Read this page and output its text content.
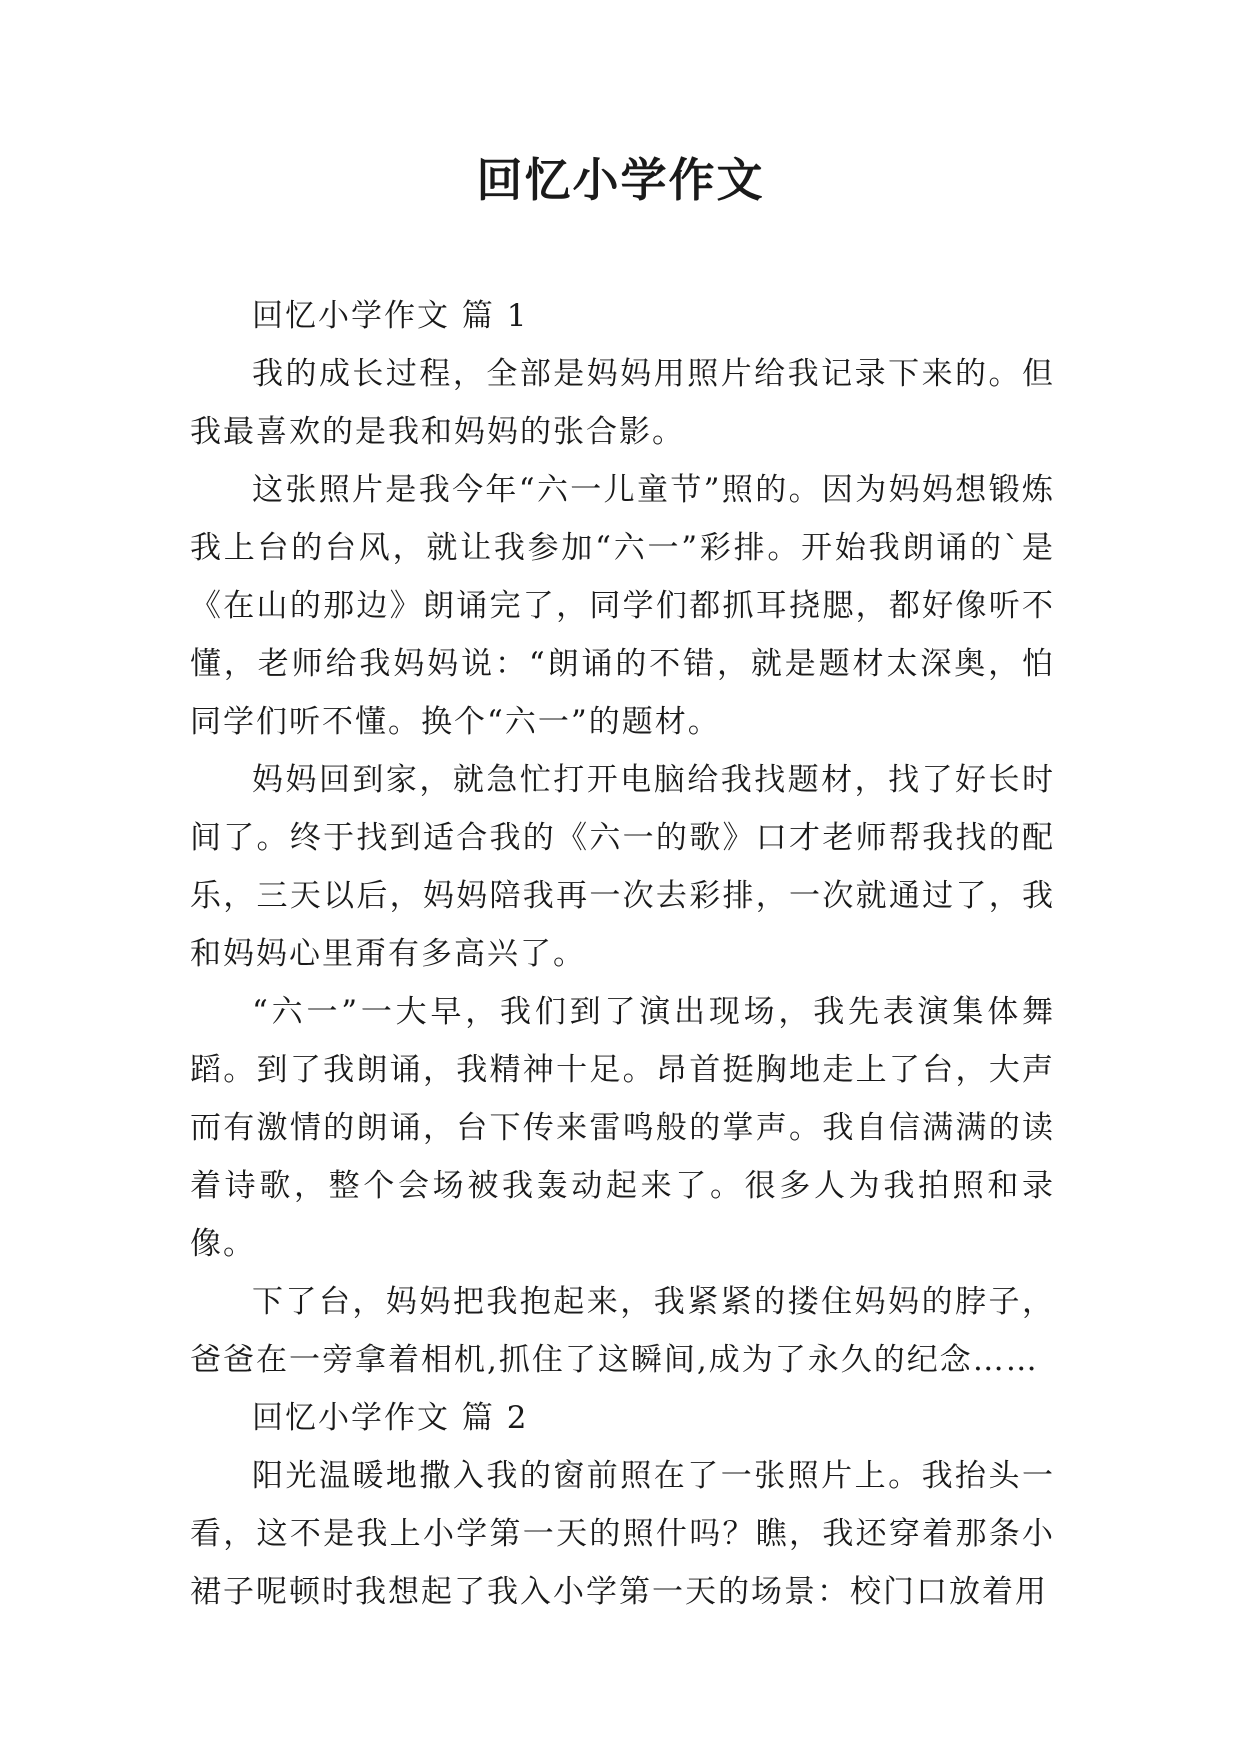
回忆小学作文

回忆小学作文 篇 1

我的成长过程，全部是妈妈用照片给我记录下来的。但我最喜欢的是我和妈妈的张合影。

这张照片是我今年“六一儿童节”照的。因为妈妈想锻炼我上台的台风，就让我参加“六一”彩排。开始我朗诵的`是《在山的那边》朗诵完了，同学们都抓耳挠腮，都好像听不懂，老师给我妈妈说：“朗诵的不错，就是题材太深奥，怕同学们听不懂。换个“六一”的题材。

妈妈回到家，就急忙打开电脑给我找题材，找了好长时间了。终于找到适合我的《六一的歌》口才老师帮我找的配乐，三天以后，妈妈陪我再一次去彩排，一次就通过了，我和妈妈心里甭有多高兴了。

“六一”一大早，我们到了演出现场，我先表演集体舞蹈。到了我朗诵，我精神十足。昂首挺胸地走上了台，大声而有激情的朗诵，台下传来雷鸣般的掌声。我自信满满的读着诗歌，整个会场被我轰动起来了。很多人为我拍照和录像。

下了台，妈妈把我抱起来，我紧紧的搂住妈妈的脖子，爸爸在一旁拿着相机,抓住了这瞬间,成为了永久的纪念……

回忆小学作文 篇 2

阳光温暖地撒入我的窗前照在了一张照片上。我抬头一看，这不是我上小学第一天的照什吗？瞧，我还穿着那条小裙子呢顿时我想起了我入小学第一天的场景：校门口放着用
